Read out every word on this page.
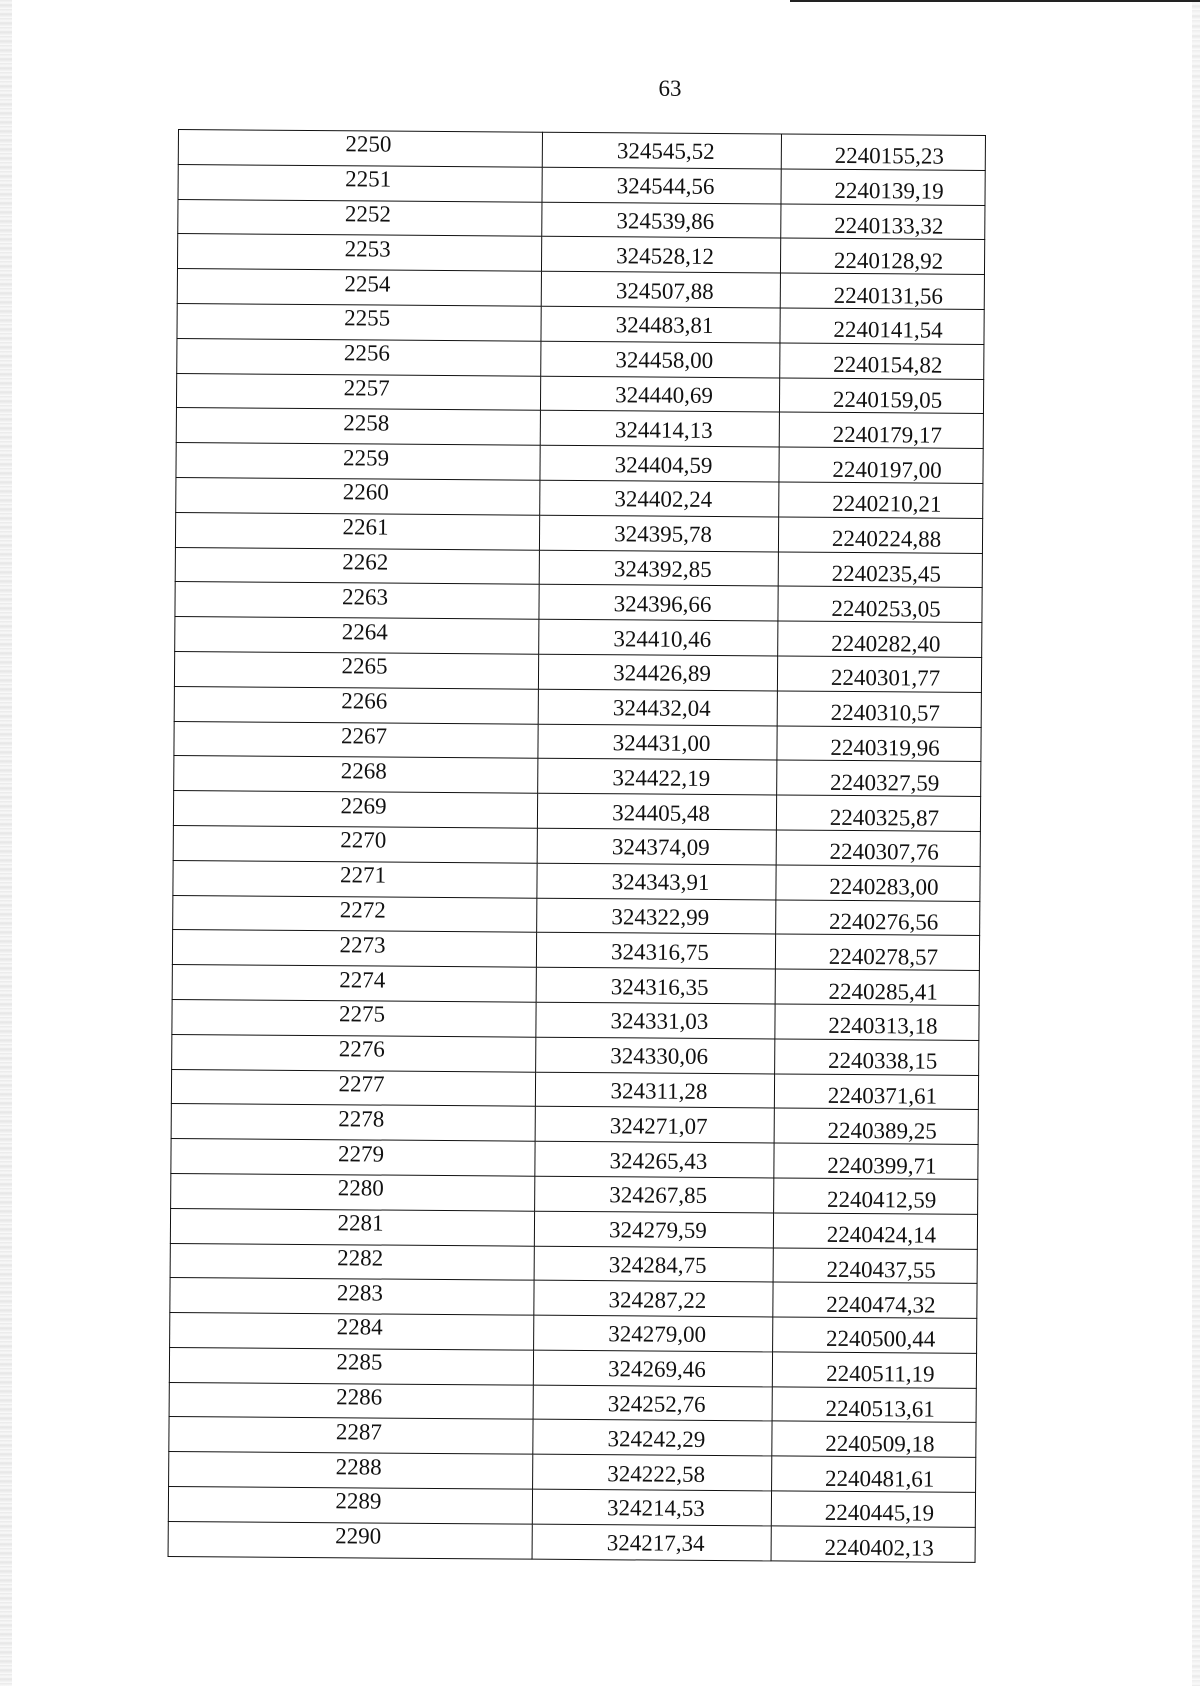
63
2250	324545,52	2240155,23
2251	324544,56	2240139,19
2252	324539,86	2240133,32
2253	324528,12	2240128,92
2254	324507,88	2240131,56
2255	324483,81	2240141,54
2256	324458,00	2240154,82
2257	324440,69	2240159,05
2258	324414,13	2240179,17
2259	324404,59	2240197,00
2260	324402,24	2240210,21
2261	324395,78	2240224,88
2262	324392,85	2240235,45
2263	324396,66	2240253,05
2264	324410,46	2240282,40
2265	324426,89	2240301,77
2266	324432,04	2240310,57
2267	324431,00	2240319,96
2268	324422,19	2240327,59
2269	324405,48	2240325,87
2270	324374,09	2240307,76
2271	324343,91	2240283,00
2272	324322,99	2240276,56
2273	324316,75	2240278,57
2274	324316,35	2240285,41
2275	324331,03	2240313,18
2276	324330,06	2240338,15
2277	324311,28	2240371,61
2278	324271,07	2240389,25
2279	324265,43	2240399,71
2280	324267,85	2240412,59
2281	324279,59	2240424,14
2282	324284,75	2240437,55
2283	324287,22	2240474,32
2284	324279,00	2240500,44
2285	324269,46	2240511,19
2286	324252,76	2240513,61
2287	324242,29	2240509,18
2288	324222,58	2240481,61
2289	324214,53	2240445,19
2290	324217,34	2240402,13
